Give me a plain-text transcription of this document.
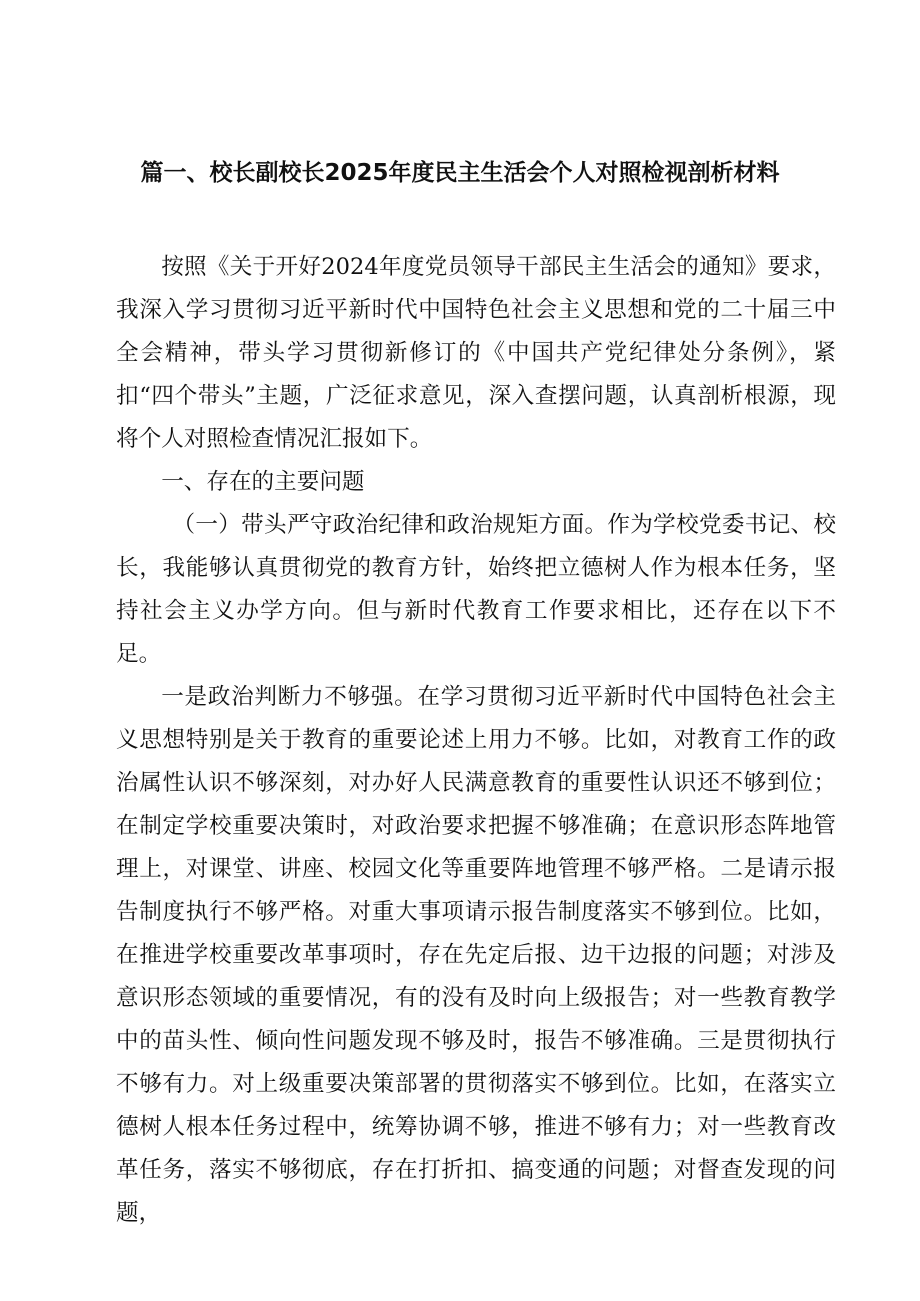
篇一、校长副校长2025年度民主生活会个人对照检视剖析材料

按照《关于开好2024年度党员领导干部民主生活会的通知》要求，我深入学习贯彻习近平新时代中国特色社会主义思想和党的二十届三中全会精神，带头学习贯彻新修订的《中国共产党纪律处分条例》，紧扣“四个带头”主题，广泛征求意见，深入查摆问题，认真剖析根源，现将个人对照检查情况汇报如下。

一、存在的主要问题

（一）带头严守政治纪律和政治规矩方面。作为学校党委书记、校长，我能够认真贯彻党的教育方针，始终把立德树人作为根本任务，坚持社会主义办学方向。但与新时代教育工作要求相比，还存在以下不足。

一是政治判断力不够强。在学习贯彻习近平新时代中国特色社会主义思想特别是关于教育的重要论述上用力不够。比如，对教育工作的政治属性认识不够深刻，对办好人民满意教育的重要性认识还不够到位；在制定学校重要决策时，对政治要求把握不够准确；在意识形态阵地管理上，对课堂、讲座、校园文化等重要阵地管理不够严格。二是请示报告制度执行不够严格。对重大事项请示报告制度落实不够到位。比如，在推进学校重要改革事项时，存在先定后报、边干边报的问题；对涉及意识形态领域的重要情况，有的没有及时向上级报告；对一些教育教学中的苗头性、倾向性问题发现不够及时，报告不够准确。三是贯彻执行不够有力。对上级重要决策部署的贯彻落实不够到位。比如，在落实立德树人根本任务过程中，统筹协调不够，推进不够有力；对一些教育改革任务，落实不够彻底，存在打折扣、搞变通的问题；对督查发现的问题，
